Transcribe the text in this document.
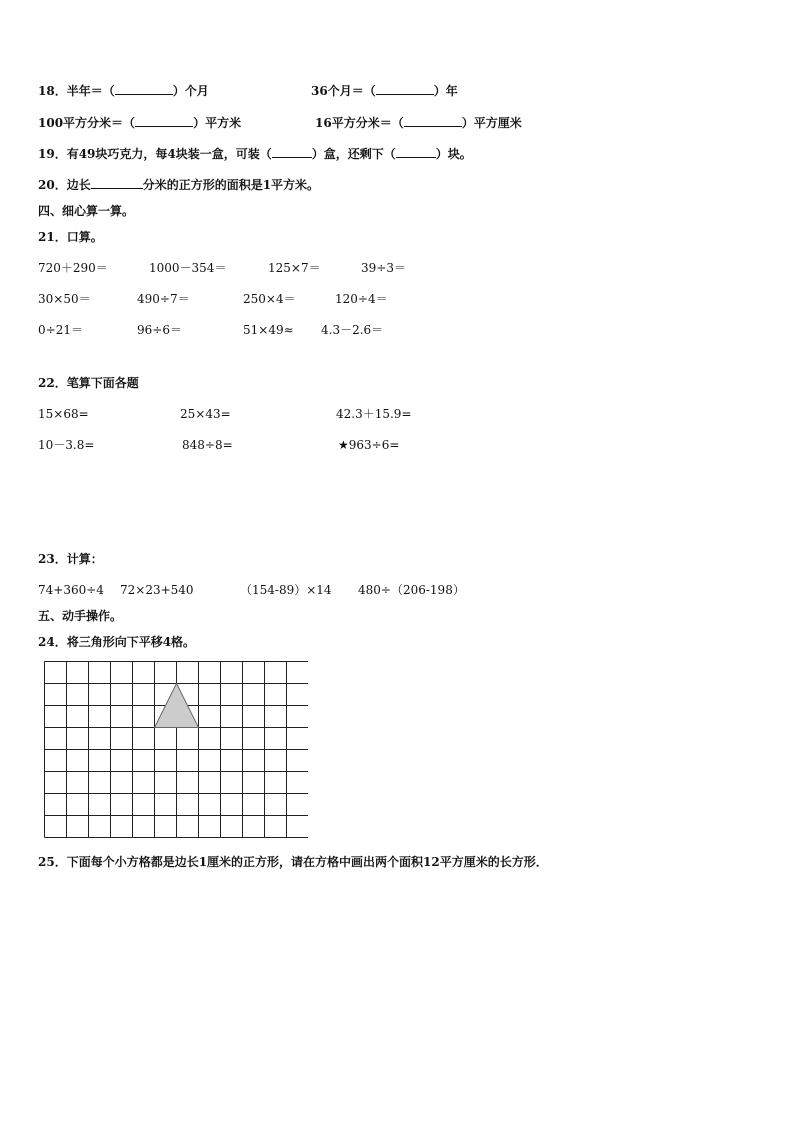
18．半年＝（	）个月	36个月＝（	）年
100平方分米＝（	）平方米	16平方分米＝（	）平方厘米
19．有49块巧克力，每4块装一盒，可装（	）盒，还剩下（	）块。
20．边长	分米的正方形的面积是1平方米。
四、细心算一算。
21．口算。
720＋290＝	1000－354＝	125×7＝	39÷3＝
30×50＝	490÷7＝	250×4＝	120÷4＝
0÷21＝	96÷6＝	51×49≈ 4.3－2.6＝
22．笔算下面各题
15×68=	25×43=	42.3＋15.9=
10－3.8=	848÷8=	★963÷6=
23．计算：
74+360÷4 72×23+540	（154-89）×14 480÷（206-198）
五、动手操作。
24．将三角形向下平移4格。
25．下面每个小方格都是边长1厘米的正方形，请在方格中画出两个面积12平方厘米的长方形．
